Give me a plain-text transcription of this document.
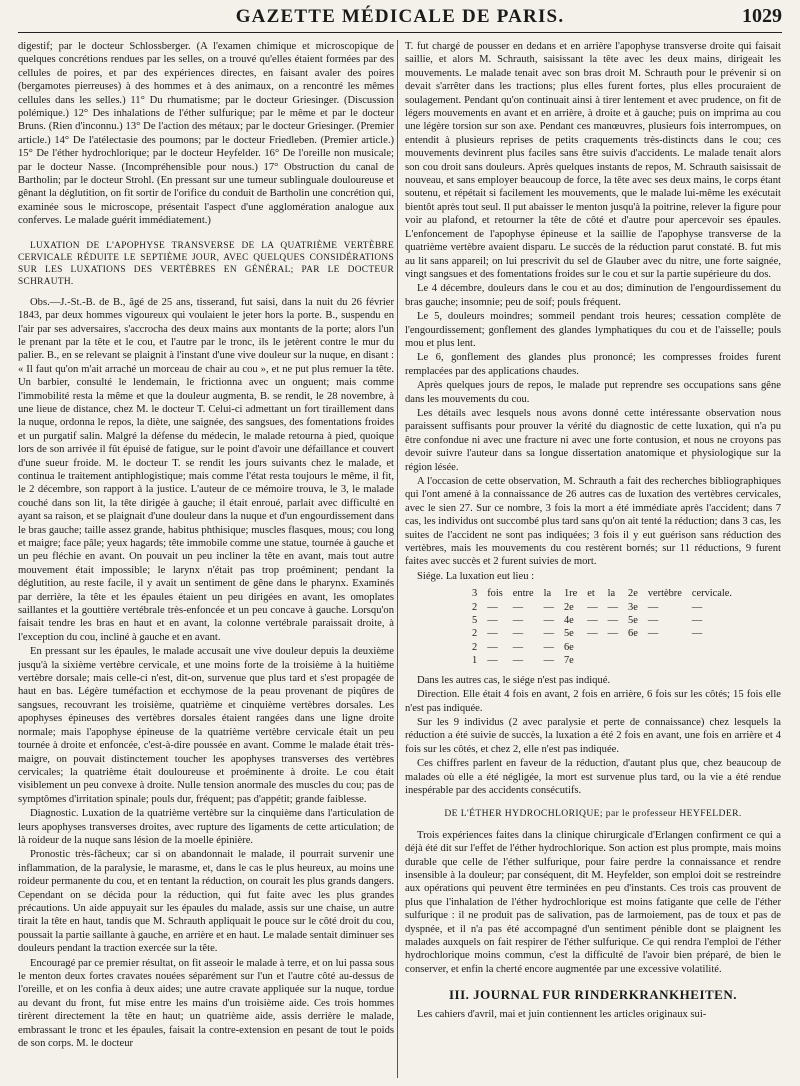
GAZETTE MÉDICALE DE PARIS.	1029

digestif; par le docteur Schlossberger. (A l'examen chimique et microscopique de quelques concrétions rendues par les selles, on a trouvé qu'elles étaient formées par des cellules de poires, et par des expériences directes, en faisant avaler des poires (bergamotes pierreuses) à des hommes et à des animaux, on a rencontré les mêmes cellules dans les selles.) 11° Du rhumatisme; par le docteur Griesinger. (Discussion polémique.) 12° Des inhalations de l'éther sulfurique; par le même et par le docteur Bruns. (Rien d'inconnu.) 13° De l'action des métaux; par le docteur Griesinger. (Premier article.) 14° De l'atélectasie des poumons; par le docteur Friedleben. (Premier article.) 15° De l'éther hydrochlorique; par le docteur Heyfelder. 16° De l'oreille non musicale; par le docteur Nasse. (Incompréhensible pour nous.) 17° Obstruction du canal de Bartholin; par le docteur Strohl. (En pressant sur une tumeur sublinguale douloureuse et gênant la déglutition, on fit sortir de l'orifice du conduit de Bartholin une concrétion qui, examinée sous le microscope, présentait l'aspect d'une agglomération analogue aux conferves. Le malade guérit immédiatement.)

LUXATION DE L'APOPHYSE TRANSVERSE DE LA QUATRIÈME VERTÈBRE CERVICALE RÉDUITE LE SEPTIÈME JOUR, AVEC QUELQUES CONSIDÉRATIONS SUR LES LUXATIONS DES VERTÈBRES EN GÉNÉRAL; PAR LE DOCTEUR SCHRAUTH.

Obs.—J.-St.-B. de B., âgé de 25 ans, tisserand, fut saisi, dans la nuit du 26 février 1843, par deux hommes vigoureux qui voulaient le jeter hors la porte. B., suspendu en l'air par ses adversaires, s'accrocha des deux mains aux montants de la porte; alors l'un le prenant par la tête et le cou, et l'autre par le tronc, ils le jetèrent contre le mur du palier. B., en se relevant se plaignit à l'instant d'une vive douleur sur la nuque, en disant : « Il faut qu'on m'ait arraché un morceau de chair au cou », et ne put plus remuer la tête. Un barbier, consulté le lendemain, le frictionna avec un onguent; mais comme l'immobilité resta la même et que la douleur augmenta, B. se rendit, le 28 novembre, à une lieue de distance, chez M. le docteur T. Celui-ci admettant un fort tiraillement dans la nuque, ordonna le repos, la diète, une saignée, des sangsues, des fomentations froides et un purgatif salin. Malgré la défense du médecin, le malade retourna à pied, quoique lors de son arrivée il fût épuisé de fatigue, sur le point d'avoir une défaillance et couvert d'une sueur froide. M. le docteur T. se rendit les jours suivants chez le malade, et continua le traitement antiphlogistique; mais comme l'état resta toujours le même, il fit, le 2 décembre, son rapport à la justice. L'auteur de ce mémoire trouva, le 3, le malade couché dans son lit, la tête dirigée à gauche; il était enroué, parlait avec difficulté en ayant sa raison, et se plaignait d'une douleur dans la nuque et d'un engourdissement dans le bras gauche; taille assez grande, habitus phthisique; muscles flasques, mous; cou long et maigre; face pâle; yeux hagards; tête immobile comme une statue, tournée à gauche et un peu fléchie en avant. On pouvait un peu incliner la tête en avant, mais tout autre mouvement était impossible; le larynx n'était pas trop proéminent; pendant la déglutition, au reste facile, il y avait un sentiment de gêne dans le pharynx. Examinés par derrière, la tête et les épaules étaient un peu dirigées en avant, les omoplates saillantes et la gouttière vertébrale très-enfoncée et un peu concave à gauche. Lorsqu'on faisait tendre les bras en haut et en avant, la colonne vertébrale paraissait droite, à l'exception du cou, incliné à gauche et en avant.

En pressant sur les épaules, le malade accusait une vive douleur depuis la deuxième jusqu'à la sixième vertèbre cervicale, et une moins forte de la troisième à la huitième vertèbre dorsale; mais celle-ci n'est, dit-on, survenue que plus tard et s'est propagée de haut en bas. Légère tuméfaction et ecchymose de la peau provenant de piqûres de sangsues, recouvrant les troisième, quatrième et cinquième vertèbres dorsales. Les apophyses épineuses des vertèbres dorsales étaient rangées dans une ligne droite normale; mais l'apophyse épineuse de la quatrième vertèbre cervicale était un peu tournée à droite et enfoncée, c'est-à-dire poussée en avant. Comme le malade était très-maigre, on pouvait distinctement toucher les apophyses transverses des vertèbres cervicales; la quatrième était douloureuse et proéminente à droite. Le cou était visiblement un peu convexe à droite. Nulle tension anormale des muscles du cou; pas de symptômes d'irritation spinale; pouls dur, fréquent; pas d'appétit; grande faiblesse.

Diagnostic. Luxation de la quatrième vertèbre sur la cinquième dans l'articulation de leurs apophyses transverses droites, avec rupture des ligaments de cette articulation; de là roideur de la nuque sans lésion de la moelle épinière.

Pronostic très-fâcheux; car si on abandonnait le malade, il pourrait survenir une inflammation, de la paralysie, le marasme, et, dans le cas le plus heureux, au moins une roideur permanente du cou, et en tentant la réduction, on courait les plus grands dangers. Cependant on se décida pour la réduction, qui fut faite avec les plus grandes précautions. Un aide appuyait sur les épaules du malade, assis sur une chaise, un autre tirait la tête en haut, tandis que M. Schrauth appliquait le pouce sur le côté droit du cou, poussait la partie saillante à gauche, en arrière et en haut. Le malade sentait diminuer ses douleurs pendant la traction exercée sur la tête.

Encouragé par ce premier résultat, on fit asseoir le malade à terre, et on lui passa sous le menton deux fortes cravates nouées séparément sur l'un et l'autre côté au-dessus de l'oreille, et on les confia à deux aides; une autre cravate appliquée sur la nuque, tordue au devant du front, fut mise entre les mains d'un troisième aide. Ces trois hommes tirèrent directement la tête en haut; un quatrième aide, assis derrière le malade, embrassant le tronc et les épaules, faisait la contre-extension en pesant de tout le poids de son corps. M. le docteur

T. fut chargé de pousser en dedans et en arrière l'apophyse transverse droite qui faisait saillie, et alors M. Schrauth, saisissant la tête avec les deux mains, dirigeait les mouvements. Le malade tenait avec son bras droit M. Schrauth pour le prévenir si on devait s'arrêter dans les tractions; plus elles furent fortes, plus elles procuraient de soulagement. Pendant qu'on continuait ainsi à tirer lentement et avec prudence, on fit de légers mouvements en avant et en arrière, à droite et à gauche; puis on imprima au cou une légère torsion sur son axe. Pendant ces manœuvres, plusieurs fois interrompues, on entendit à plusieurs reprises de petits craquements très-distincts dans le cou; ces mouvements devinrent plus faciles sans être suivis d'accidents. Le malade tenait alors son cou droit sans douleurs. Après quelques instants de repos, M. Schrauth saisissait de nouveau, et sans employer beaucoup de force, la tête avec ses deux mains, le corps étant soutenu, et répétait si facilement les mouvements, que le malade lui-même les exécutait bientôt après tout seul. Il put abaisser le menton jusqu'à la poitrine, relever la figure pour voir au plafond, et retourner la tête de côté et d'autre pour apercevoir ses épaules. L'enfoncement de l'apophyse épineuse et la saillie de l'apophyse transverse de la quatrième vertèbre avaient disparu. Le succès de la réduction parut constaté. B. fut mis au lit sans appareil; on lui prescrivit du sel de Glauber avec du nitre, une forte saignée, vingt sangsues et des fomentations froides sur le cou et sur la partie supérieure du dos.

Le 4 décembre, douleurs dans le cou et au dos; diminution de l'engourdissement du bras gauche; insomnie; peu de soif; pouls fréquent.

Le 5, douleurs moindres; sommeil pendant trois heures; cessation complète de l'engourdissement; gonflement des glandes lymphatiques du cou et de l'aisselle; pouls mou et plus lent.

Le 6, gonflement des glandes plus prononcé; les compresses froides furent remplacées par des applications chaudes.

Après quelques jours de repos, le malade put reprendre ses occupations sans gêne dans les mouvements du cou.

Les détails avec lesquels nous avons donné cette intéressante observation nous paraissent suffisants pour prouver la vérité du diagnostic de cette luxation, qui n'a pu être confondue ni avec une fracture ni avec une forte contusion, et nous ne croyons pas devoir suivre l'auteur dans sa longue dissertation anatomique et physiologique sur la région lésée.

A l'occasion de cette observation, M. Schrauth a fait des recherches bibliographiques qui l'ont amené à la connaissance de 26 autres cas de luxation des vertèbres cervicales, avec le sien 27. Sur ce nombre, 3 fois la mort a été immédiate après l'accident; dans 7 cas, les individus ont succombé plus tard sans qu'on ait tenté la réduction; dans 3 cas, les suites de l'accident ne sont pas indiquées; 3 fois il y eut guérison sans réduction des vertèbres, mais les mouvements du cou restèrent bornés; sur 11 réductions, 9 furent faites avec succès et 2 furent suivies de mort.

Siége. La luxation eut lieu :

3	fois	entre	la	1re	et	la	2e	vertèbre	cervicale.
2	—	—	—	2e	—	—	3e	—	—
5	—	—	—	4e	—	—	5e	—	—
2	—	—	—	5e	—	—	6e	—	—
2	—	—	—	6e					
1	—	—	—	7e					

Dans les autres cas, le siége n'est pas indiqué.

Direction. Elle était 4 fois en avant, 2 fois en arrière, 6 fois sur les côtés; 15 fois elle n'est pas indiquée.

Sur les 9 individus (2 avec paralysie et perte de connaissance) chez lesquels la réduction a été suivie de succès, la luxation a été 2 fois en avant, une fois en arrière et 4 fois sur les côtés, et chez 2, elle n'est pas indiquée.

Ces chiffres parlent en faveur de la réduction, d'autant plus que, chez beaucoup de malades où elle a été négligée, la mort est survenue plus tard, ou la vie a été rendue inespérable par des accidents consécutifs.

DE L'ÉTHER HYDROCHLORIQUE; par le professeur HEYFELDER.

Trois expériences faites dans la clinique chirurgicale d'Erlangen confirment ce qui a déjà été dit sur l'effet de l'éther hydrochlorique. Son action est plus prompte, mais moins durable que celle de l'éther sulfurique, pour faire perdre la connaissance et rendre insensible à la douleur; par conséquent, dit M. Heyfelder, son emploi doit se restreindre aux opérations qui peuvent être terminées en peu d'instants. Ces trois cas prouvent de plus que l'inhalation de l'éther hydrochlorique est moins fatigante que celle de l'éther sulfurique : il ne produit pas de salivation, pas de larmoiement, pas de toux et pas de dyspnée, et il n'a pas été accompagné d'un sentiment pénible dont se plaignent les malades auxquels on fait respirer de l'éther sulfurique. Ce qui rendra l'emploi de l'éther hydrochlorique moins commun, c'est la difficulté de l'avoir bien préparé, de bien le conserver, et enfin la cherté encore augmentée par une excessive volatilité.

III. JOURNAL FUR RINDERKRANKHEITEN.

Les cahiers d'avril, mai et juin contiennent les articles originaux sui-
